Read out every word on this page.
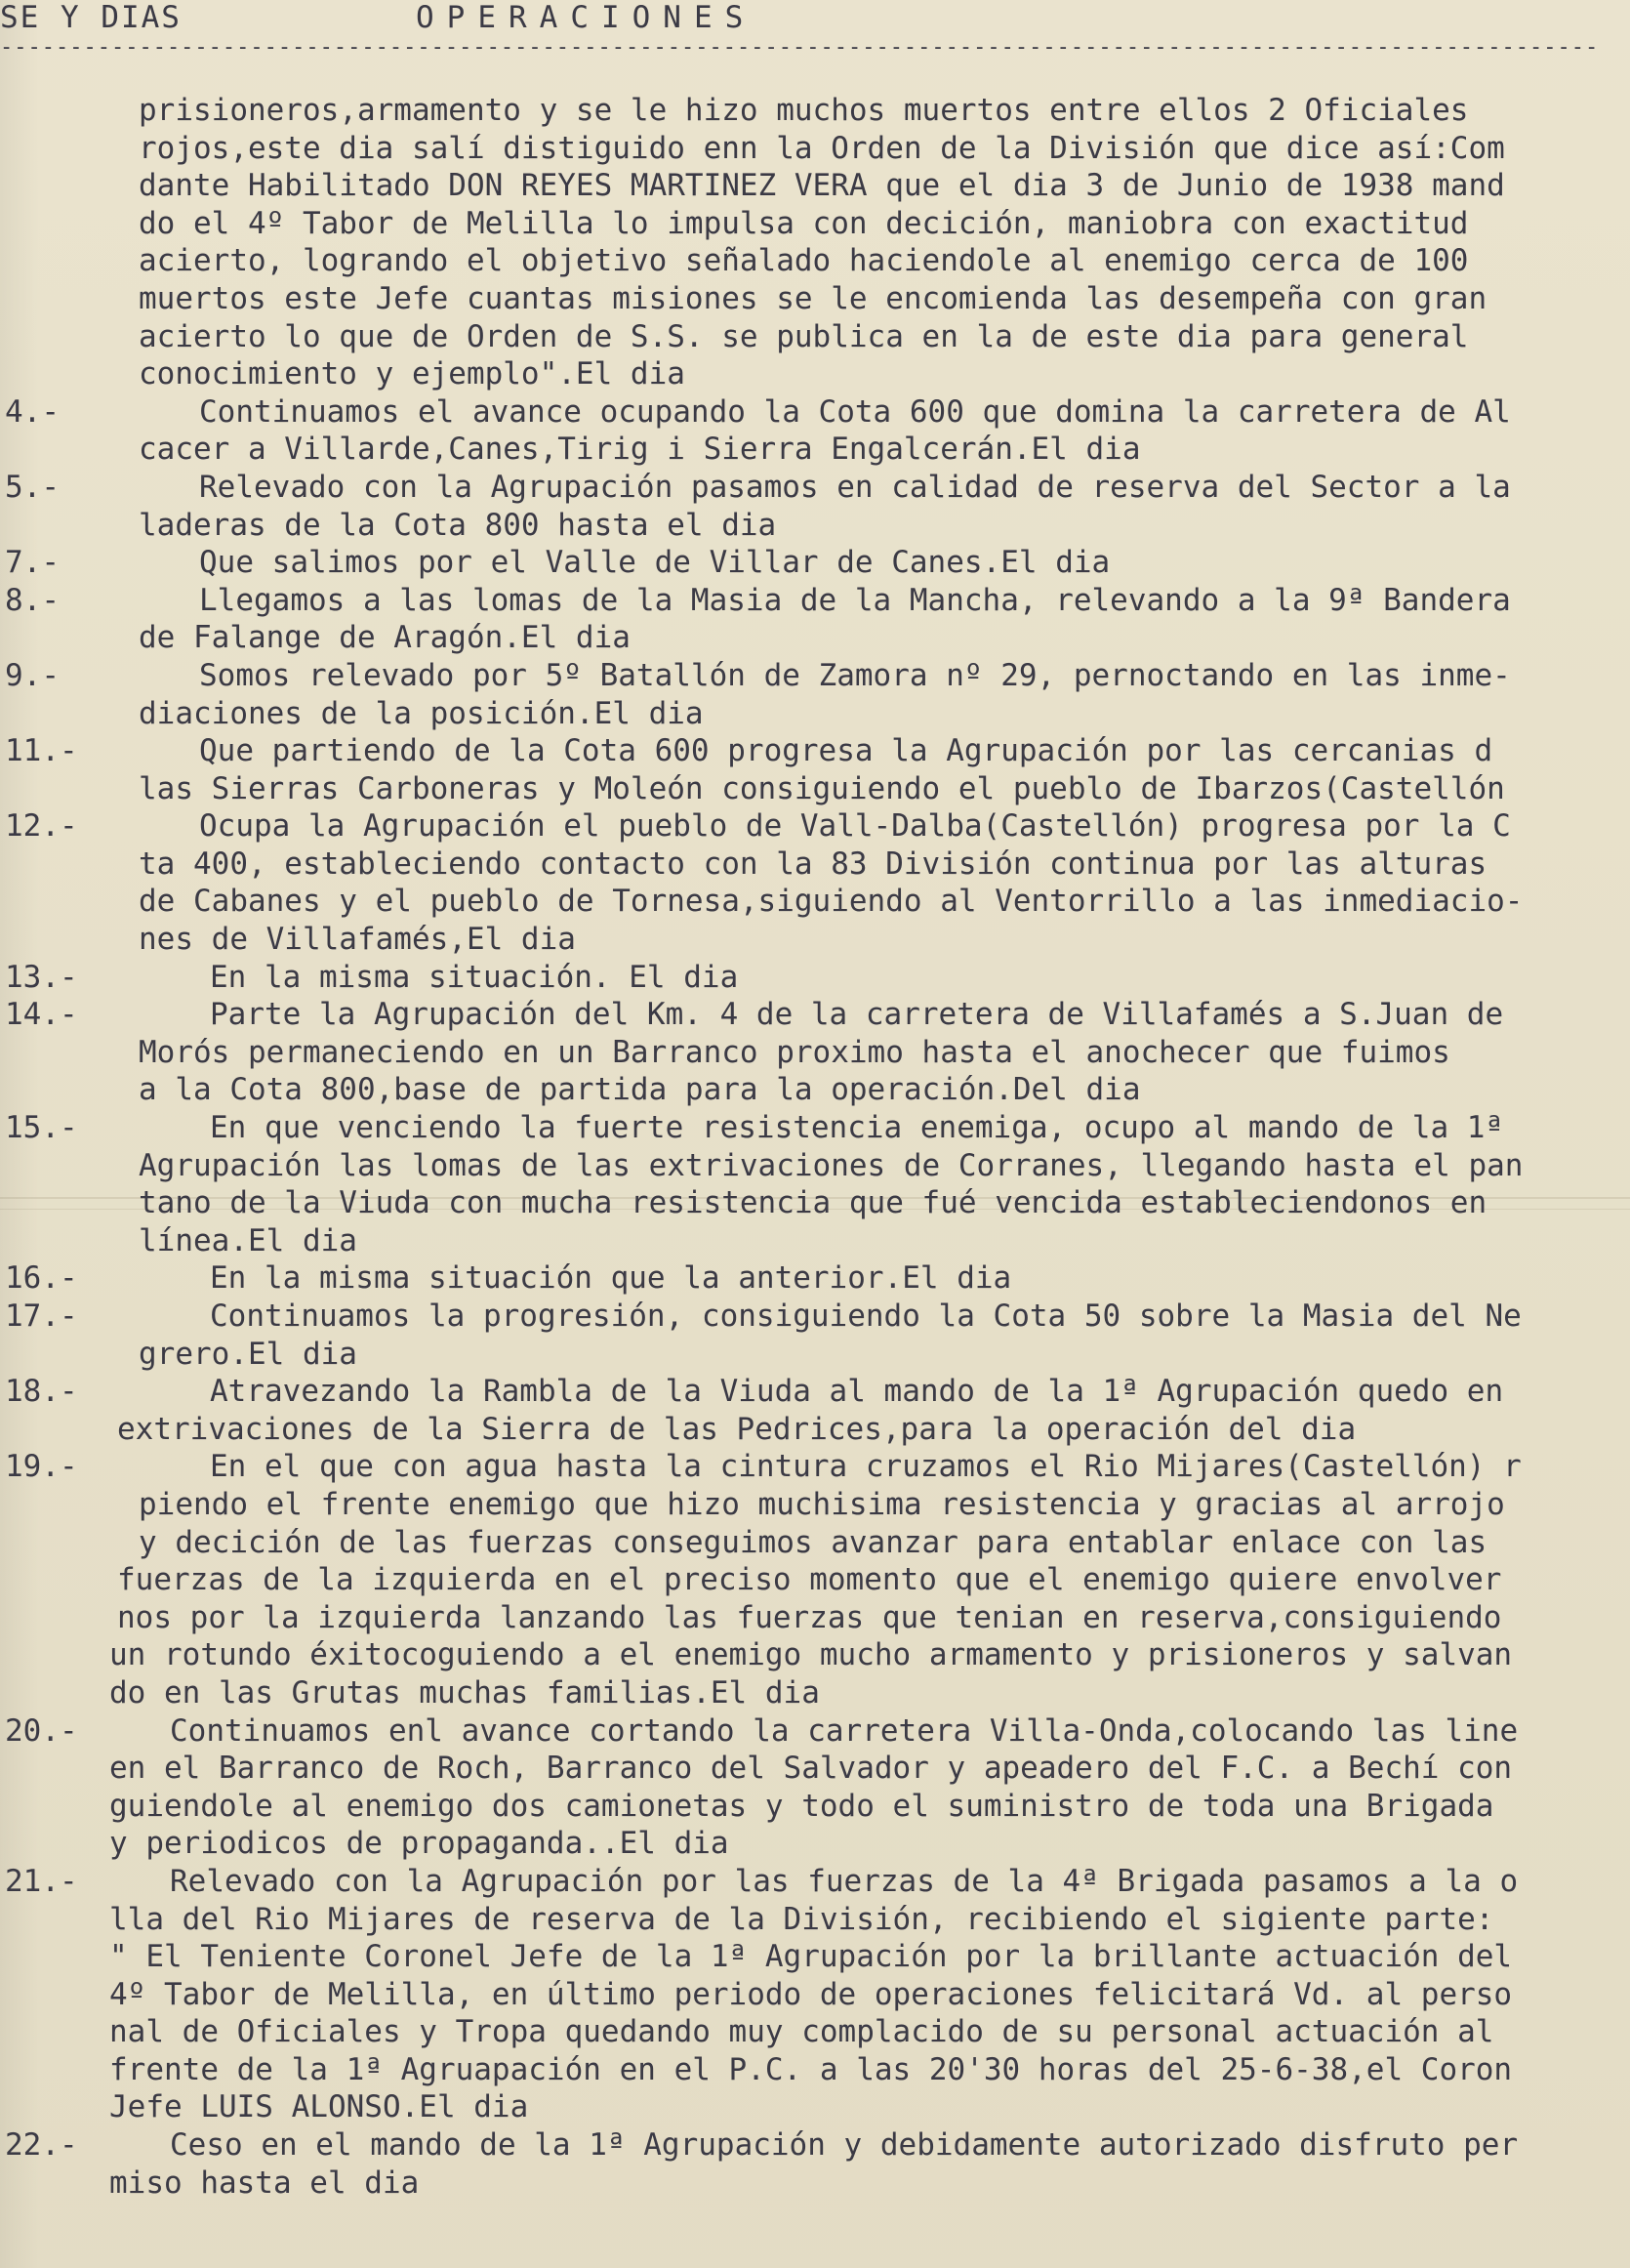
SE Y DIAS

	OPERACIONES

-------------------------------------------------------------------------------------------------------------------
prisioneros,armamento y se le hizo muchos muertos entre ellos 2 Oficiales
rojos,este dia salí distiguido enn la Orden de la División que dice así:Com
dante Habilitado DON REYES MARTINEZ VERA que el dia 3 de Junio de 1938 mand
do el 4º Tabor de Melilla lo impulsa con decición, maniobra con exactitud
acierto, logrando el objetivo señalado haciendole al enemigo cerca de 100
muertos este Jefe cuantas misiones se le encomienda las desempeña con gran
acierto lo que de Orden de S.S. se publica en la de este dia para general
conocimiento y ejemplo".El dia
4.-	Continuamos el avance ocupando la Cota 600 que domina la carretera de Al
cacer a Villarde,Canes,Tirig i Sierra Engalcerán.El dia
5.-	Relevado con la Agrupación pasamos en calidad de reserva del Sector a la
laderas de la Cota 800 hasta el dia
7.-	Que salimos por el Valle de Villar de Canes.El dia
8.-	Llegamos a las lomas de la Masia de la Mancha, relevando a la 9ª Bandera
de Falange de Aragón.El dia
9.-	Somos relevado por 5º Batallón de Zamora nº 29, pernoctando en las inme-
diaciones de la posición.El dia
11.-	Que partiendo de la Cota 600 progresa la Agrupación por las cercanias d
las Sierras Carboneras y Moleón consiguiendo el pueblo de Ibarzos(Castellón
12.-	Ocupa la Agrupación el pueblo de Vall-Dalba(Castellón) progresa por la C
ta 400, estableciendo contacto con la 83 División continua por las alturas
de Cabanes y el pueblo de Tornesa,siguiendo al Ventorrillo a las inmediacio-
nes de Villafamés,El dia
13.-	En la misma situación. El dia
14.-	Parte la Agrupación del Km. 4 de la carretera de Villafamés a S.Juan de
Morós permaneciendo en un Barranco proximo hasta el anochecer que fuimos
a la Cota 800,base de partida para la operación.Del dia
15.-	En que venciendo la fuerte resistencia enemiga, ocupo al mando de la 1ª
Agrupación las lomas de las extrivaciones de Corranes, llegando hasta el pan
tano de la Viuda con mucha resistencia que fué vencida estableciendonos en
línea.El dia
16.-	En la misma situación que la anterior.El dia
17.-	Continuamos la progresión, consiguiendo la Cota 50 sobre la Masia del Ne
grero.El dia
18.-	Atravezando la Rambla de la Viuda al mando de la 1ª Agrupación quedo en
extrivaciones de la Sierra de las Pedrices,para la operación del dia
19.-	En el que con agua hasta la cintura cruzamos el Rio Mijares(Castellón) r
piendo el frente enemigo que hizo muchisima resistencia y gracias al arrojo
y decición de las fuerzas conseguimos avanzar para entablar enlace con las
fuerzas de la izquierda en el preciso momento que el enemigo quiere envolver
nos por la izquierda lanzando las fuerzas que tenian en reserva,consiguiendo
un rotundo éxitocoguiendo a el enemigo mucho armamento y prisioneros y salvan
do en las Grutas muchas familias.El dia
20.-	Continuamos enl avance cortando la carretera Villa-Onda,colocando las line
en el Barranco de Roch, Barranco del Salvador y apeadero del F.C. a Bechí con
guiendole al enemigo dos camionetas y todo el suministro de toda una Brigada
y periodicos de propaganda..El dia
21.-	Relevado con la Agrupación por las fuerzas de la 4ª Brigada pasamos a la o
lla del Rio Mijares de reserva de la División, recibiendo el sigiente parte:
" El Teniente Coronel Jefe de la 1ª Agrupación por la brillante actuación del
4º Tabor de Melilla, en último periodo de operaciones felicitará Vd. al perso
nal de Oficiales y Tropa quedando muy complacido de su personal actuación al
frente de la 1ª Agruapación en el P.C. a las 20'30 horas del 25-6-38,el Coron
Jefe LUIS ALONSO.El dia
22.-	Ceso en el mando de la 1ª Agrupación y debidamente autorizado disfruto per
miso hasta el dia
